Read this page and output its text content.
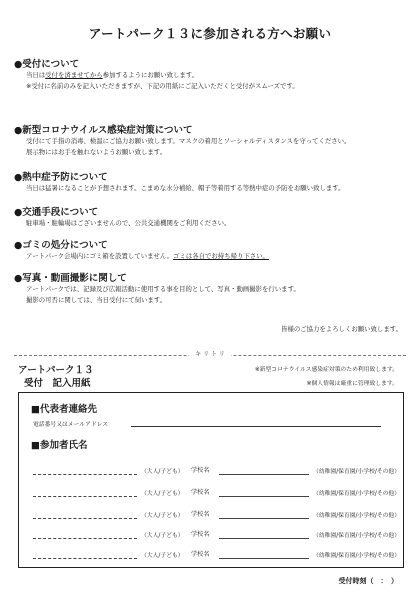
アートパーク１３に参加される方へお願い
●受付について
当日は受付を済ませてから参加するようにお願い致します。
※受付に名前のみを記入いただきますが、下記の用紙にご記入いただくと受付がスムーズです。
●新型コロナウイルス感染症対策について
受付にて手指の消毒、検温にご協力お願い致します。マスクの着用とソーシャルディスタンスを守ってください。
展示物にはお手を触れないようお願い致します。
●熱中症予防について
当日は猛暑になることが予想されます。こまめな水分補給、帽子等着用する等熱中症の予防をお願い致します。
●交通手段について
駐車場・駐輪場はございませんので、公共交通機関をご利用ください。
●ゴミの処分について
アートパーク会場内にゴミ箱を設置していません。ゴミは各自でお持ち帰り下さい。
●写真・動画撮影に関して
アートパークでは、記録及び広報活動に使用する事を目的として、写真・動画撮影を行います。
撮影の可否に関しては、当日受付にて伺います。
皆様のご協力をよろしくお願い致します。
キ リ ト リ
アートパーク１３
受付　記入用紙
※新型コロナウイルス感染症対策のため利用致します。
※個人情報は厳重に管理致します。
■代表者連絡先
電話番号又はメールアドレス
■参加者氏名
（大人/子ども） 学校名	（幼稚園/保育園/小学校/その他）
（大人/子ども） 学校名	（幼稚園/保育園/小学校/その他）
（大人/子ども） 学校名	（幼稚園/保育園/小学校/その他）
（大人/子ども） 学校名	（幼稚園/保育園/小学校/その他）
（大人/子ども） 学校名	（幼稚園/保育園/小学校/その他）
受付時刻（　：　）
